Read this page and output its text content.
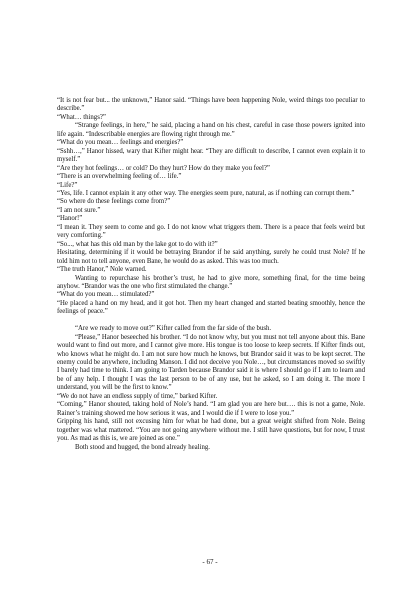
“It is not fear but... the unknown,” Hanor said. “Things have been happening Nole, weird things too peculiar to describe.”

“What… things?”

“Strange feelings, in here,” he said, placing a hand on his chest, careful in case those powers ignited into life again. “Indescribable energies are flowing right through me.”

“What do you mean… feelings and energies?”

“Sshh…,” Hanor hissed, wary that Kifter might hear. “They are difficult to describe, I cannot even explain it to myself.”

“Are they hot feelings… or cold? Do they hurt? How do they make you feel?”

“There is an overwhelming feeling of… life.”

“Life?”

“Yes, life. I cannot explain it any other way. The energies seem pure, natural, as if nothing can corrupt them.”

“So where do these feelings come from?”

“I am not sure.”

“Hanor!”

“I mean it. They seem to come and go. I do not know what triggers them. There is a peace that feels weird but very comforting.”

“So..., what has this old man by the lake got to do with it?”

Hesitating, determining if it would be betraying Brandor if he said anything, surely he could trust Nole? If he told him not to tell anyone, even Bane, he would do as asked. This was too much.

“The truth Hanor,” Nole warned.

Wanting to repurchase his brother’s trust, he had to give more, something final, for the time being anyhow. “Brandor was the one who first stimulated the change.”

“What do you mean… stimulated?”

“He placed a hand on my head, and it got hot. Then my heart changed and started beating smoothly, hence the feelings of peace.”

“Are we ready to move out?” Kifter called from the far side of the bush.

“Please,” Hanor beseeched his brother. “I do not know why, but you must not tell anyone about this. Bane would want to find out more, and I cannot give more. His tongue is too loose to keep secrets. If Kifter finds out, who knows what he might do. I am not sure how much he knows, but Brandor said it was to be kept secret. The enemy could be anywhere, including Manson. I did not deceive you Nole…, but circumstances moved so swiftly I barely had time to think. I am going to Tarden because Brandor said it is where I should go if I am to learn and be of any help. I thought I was the last person to be of any use, but he asked, so I am doing it. The more I understand, you will be the first to know.”

“We do not have an endless supply of time,” barked Kifter.

“Coming,” Hanor shouted, taking hold of Nole’s hand. “I am glad you are here but…. this is not a game, Nole. Rainer’s training showed me how serious it was, and I would die if I were to lose you.”

Gripping his hand, still not excusing him for what he had done, but a great weight shifted from Nole. Being together was what mattered. “You are not going anywhere without me. I still have questions, but for now, I trust you. As mad as this is, we are joined as one.”

Both stood and hugged, the bond already healing.

- 67 -
